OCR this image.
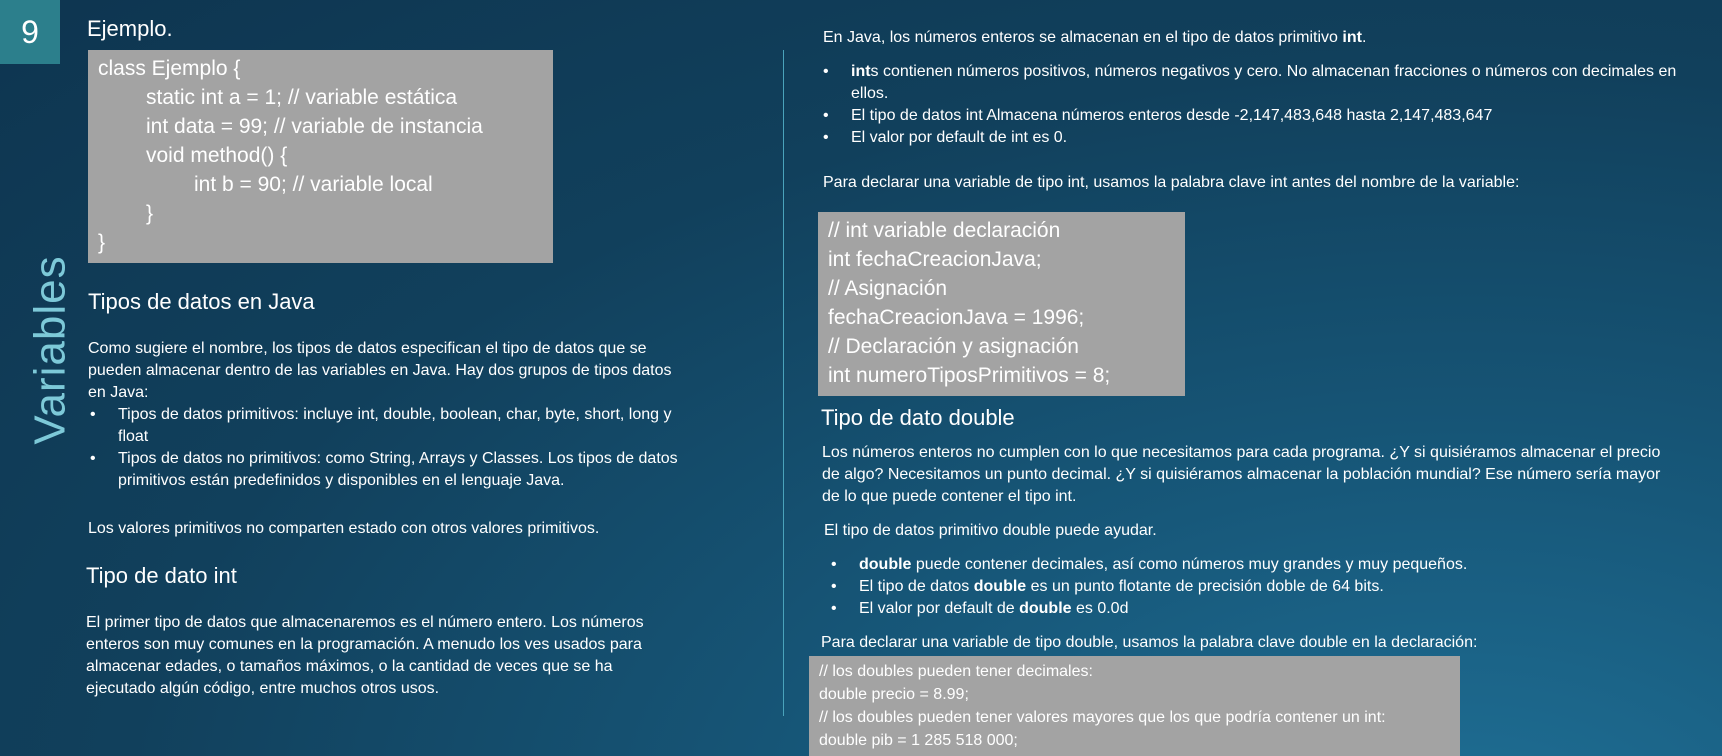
9
Variables
Ejemplo.
class Ejemplo {
static int a = 1; // variable estática
int data = 99; // variable de instancia
void method() {
int b = 90; // variable local
}
}
Tipos de datos en Java
Como sugiere el nombre, los tipos de datos especifican el tipo de datos que se pueden almacenar dentro de las variables en Java. Hay dos grupos de tipos datos en Java:
• Tipos de datos primitivos: incluye int, double, boolean, char, byte, short, long y float
• Tipos de datos no primitivos: como String, Arrays y Classes. Los tipos de datos primitivos están predefinidos y disponibles en el lenguaje Java.
Los valores primitivos no comparten estado con otros valores primitivos.
Tipo de dato int
El primer tipo de datos que almacenaremos es el número entero. Los números enteros son muy comunes en la programación. A menudo los ves usados para almacenar edades, o tamaños máximos, o la cantidad de veces que se ha ejecutado algún código, entre muchos otros usos.
En Java, los números enteros se almacenan en el tipo de datos primitivo int.
• ints contienen números positivos, números negativos y cero. No almacenan fracciones o números con decimales en ellos.
• El tipo de datos int Almacena números enteros desde -2,147,483,648 hasta 2,147,483,647
• El valor por default de int es 0.
Para declarar una variable de tipo int, usamos la palabra clave int antes del nombre de la variable:
// int variable declaración
int fechaCreacionJava;
// Asignación
fechaCreacionJava = 1996;
// Declaración y asignación
int numeroTiposPrimitivos = 8;
Tipo de dato double
Los números enteros no cumplen con lo que necesitamos para cada programa. ¿Y si quisiéramos almacenar el precio de algo? Necesitamos un punto decimal. ¿Y si quisiéramos almacenar la población mundial? Ese número sería mayor de lo que puede contener el tipo int.
El tipo de datos primitivo double puede ayudar.
• double puede contener decimales, así como números muy grandes y muy pequeños.
• El tipo de datos double es un punto flotante de precisión doble de 64 bits.
• El valor por default de double es 0.0d
Para declarar una variable de tipo double, usamos la palabra clave double en la declaración:
// los doubles pueden tener decimales:
double precio = 8.99;
// los doubles pueden tener valores mayores que los que podría contener un int:
double pib = 1 285 518 000;
